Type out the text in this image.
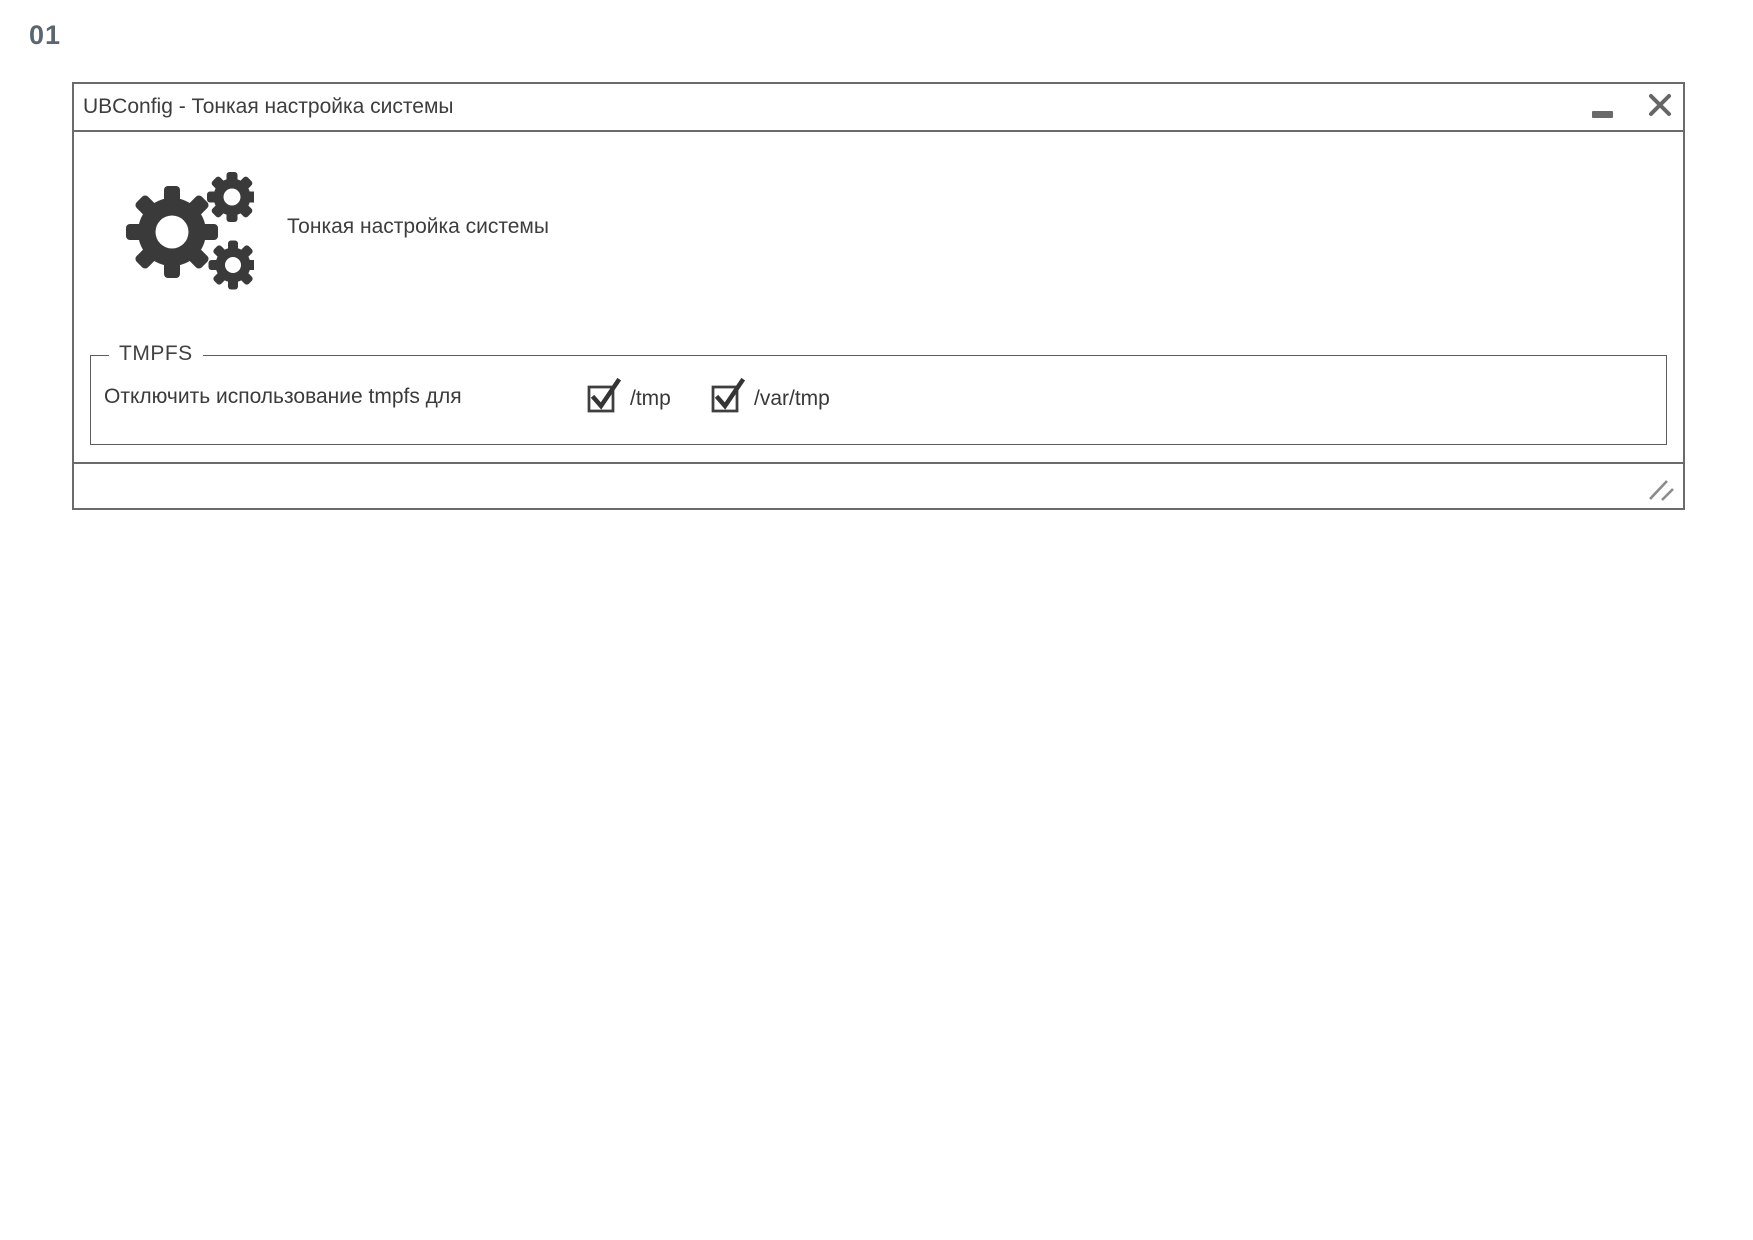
01
UBConfig - Тонкая настройка системы
Тонкая настройка системы
TMPFS
Отключить использование tmpfs для	/tmp	/var/tmp
